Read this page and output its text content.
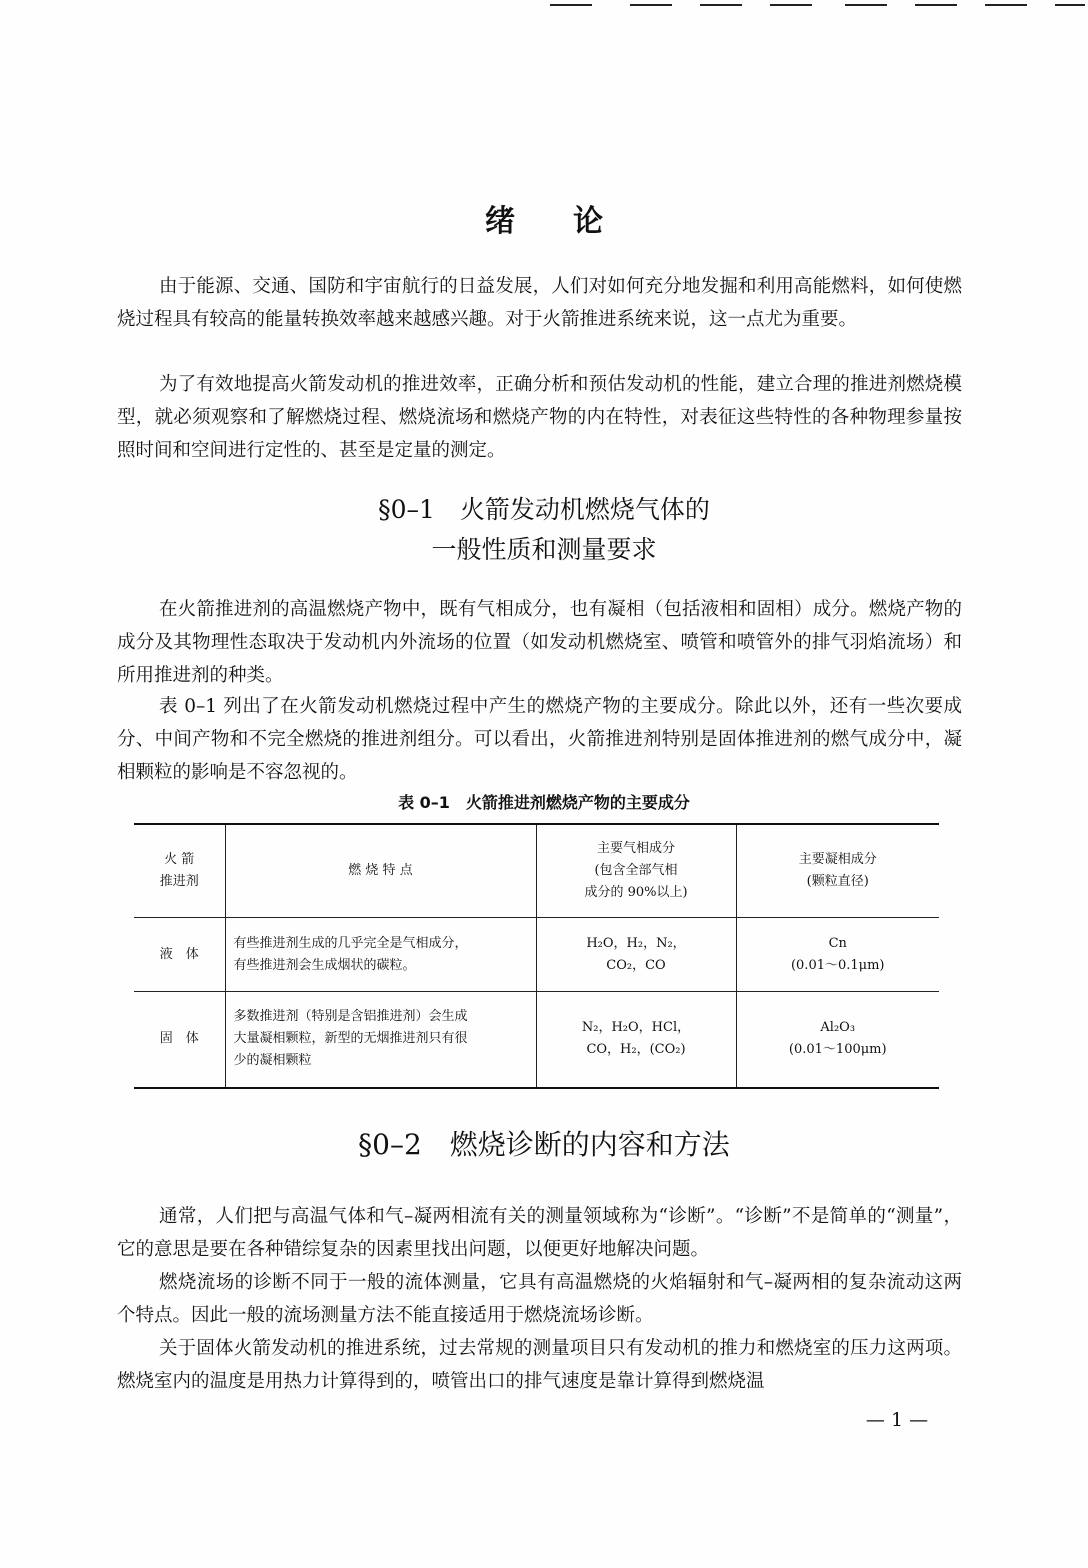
绪论

由于能源、交通、国防和宇宙航行的日益发展，人们对如何充分地发掘和利用高能燃料，如何使燃烧过程具有较高的能量转换效率越来越感兴趣。对于火箭推进系统来说，这一点尤为重要。

为了有效地提高火箭发动机的推进效率，正确分析和预估发动机的性能，建立合理的推进剂燃烧模型，就必须观察和了解燃烧过程、燃烧流场和燃烧产物的内在特性，对表征这些特性的各种物理参量按照时间和空间进行定性的、甚至是定量的测定。

§0–1　火箭发动机燃烧气体的
一般性质和测量要求

在火箭推进剂的高温燃烧产物中，既有气相成分，也有凝相（包括液相和固相）成分。燃烧产物的成分及其物理性态取决于发动机内外流场的位置（如发动机燃烧室、喷管和喷管外的排气羽焰流场）和所用推进剂的种类。

表 0–1 列出了在火箭发动机燃烧过程中产生的燃烧产物的主要成分。除此以外，还有一些次要成分、中间产物和不完全燃烧的推进剂组分。可以看出，火箭推进剂特别是固体推进剂的燃气成分中，凝相颗粒的影响是不容忽视的。

表 0–1　火箭推进剂燃烧产物的主要成分
火 箭
推进剂	燃 烧 特 点	主要气相成分
(包含全部气相
成分的 90%以上)	主要凝相成分
(颗粒直径)

液　体	有些推进剂生成的几乎完全是气相成分，
有些推进剂会生成烟状的碳粒。	H₂O，H₂，N₂，
CO₂，CO	Cn
(0.01～0.1μm)

固　体	多数推进剂（特别是含铝推进剂）会生成
大量凝相颗粒，新型的无烟推进剂只有很
少的凝相颗粒	N₂，H₂O，HCl，
CO，H₂，(CO₂)	Al₂O₃
(0.01～100μm)
§0–2　燃烧诊断的内容和方法

通常，人们把与高温气体和气–凝两相流有关的测量领域称为“诊断”。“诊断”不是简单的“测量”，它的意思是要在各种错综复杂的因素里找出问题，以便更好地解决问题。

燃烧流场的诊断不同于一般的流体测量，它具有高温燃烧的火焰辐射和气–凝两相的复杂流动这两个特点。因此一般的流场测量方法不能直接适用于燃烧流场诊断。

关于固体火箭发动机的推进系统，过去常规的测量项目只有发动机的推力和燃烧室的压力这两项。燃烧室内的温度是用热力计算得到的，喷管出口的排气速度是靠计算得到燃烧温

— 1 —
